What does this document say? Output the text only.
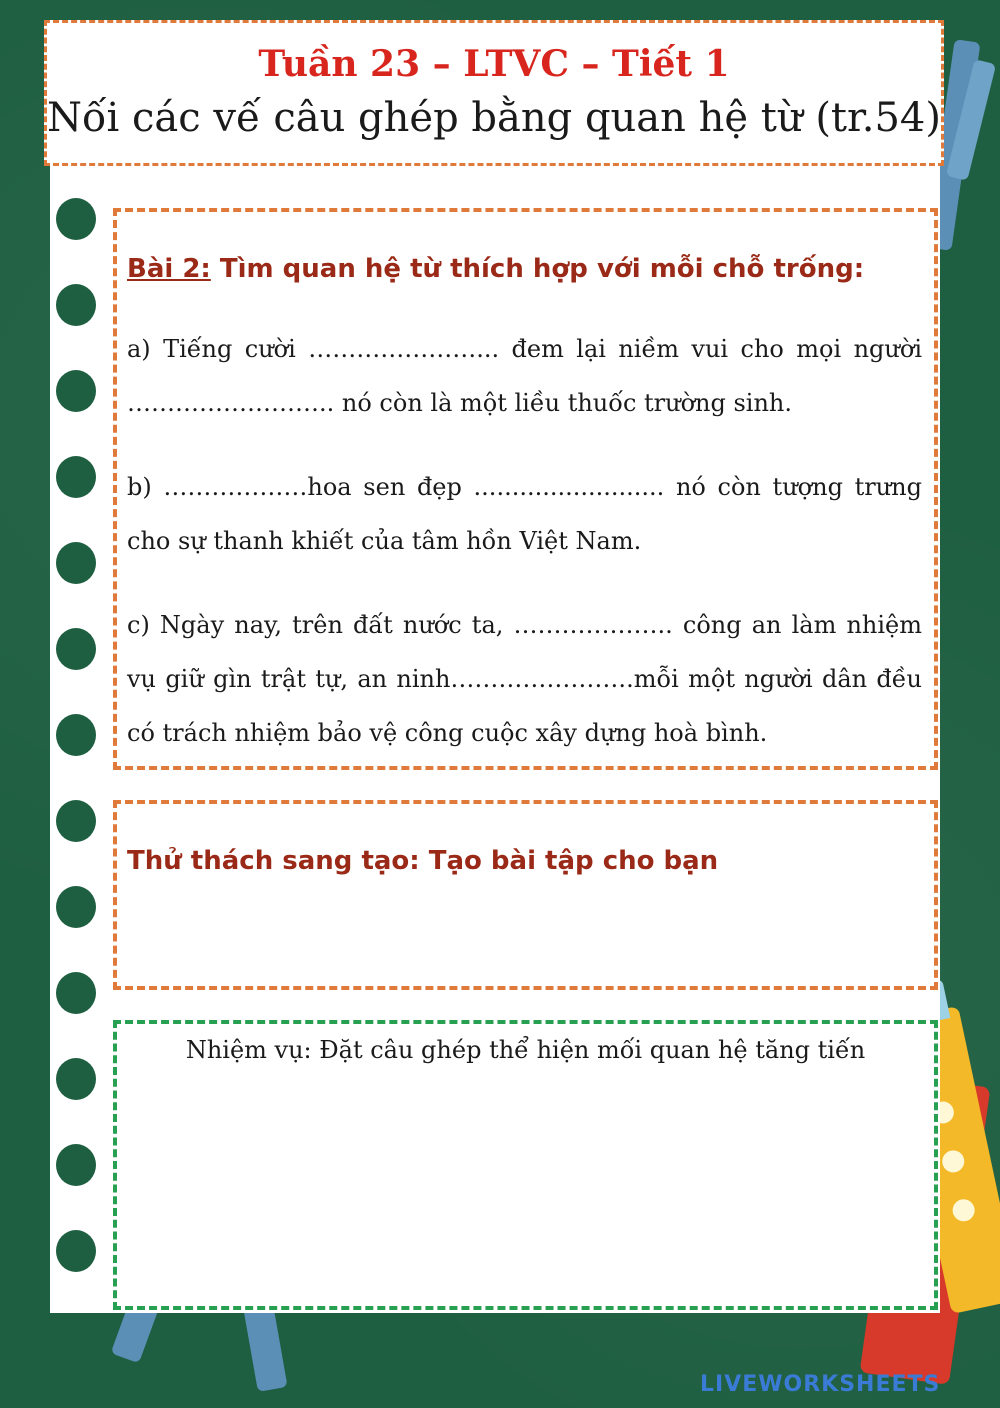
Tuần 23 – LTVC – Tiết 1
Nối các vế câu ghép bằng quan hệ từ (tr.54)
Bài 2: Tìm quan hệ từ thích hợp với mỗi chỗ trống:
a) Tiếng cười …………………... đem lại niềm vui cho mọi người …………………….. nó còn là một liều thuốc trường sinh.
b) ………………hoa sen đẹp ......................... nó còn tượng trưng cho sự thanh khiết của tâm hồn Việt Nam.
c) Ngày nay, trên đất nước ta, ……………….. công an làm nhiệm vụ giữ gìn trật tự, an ninh…………………..mỗi một người dân đều có trách nhiệm bảo vệ công cuộc xây dựng hoà bình.
Thử thách sang tạo: Tạo bài tập cho bạn
Nhiệm vụ: Đặt câu ghép thể hiện mối quan hệ tăng tiến
LIVEWORKSHEETS
